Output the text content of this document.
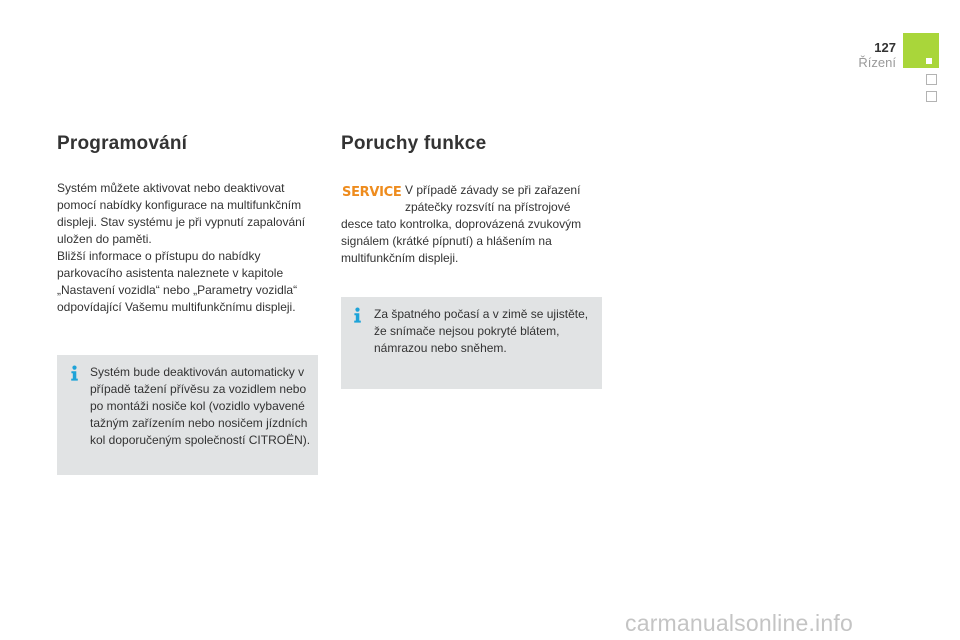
127
Řízení
Programování

Systém můžete aktivovat nebo deaktivovat pomocí nabídky konfigurace na multifunkčním displeji. Stav systému je při vypnutí zapalování uložen do paměti.

Bližší informace o přístupu do nabídky parkovacího asistenta naleznete v kapitole „Nastavení vozidla“ nebo „Parametry vozidla“ odpovídající Vašemu multifunkčnímu displeji.

Systém bude deaktivován automaticky v případě tažení přívěsu za vozidlem nebo po montáži nosiče kol (vozidlo vybavené tažným zařízením nebo nosičem jízdních kol doporučeným společností CITROËN).
Poruchy funkce
SERVICE V případě závady se při zařazení zpátečky rozsvítí na přístrojové
desce tato kontrolka, doprovázená zvukovým signálem (krátké pípnutí) a hlášením na multifunkčním displeji.
Za špatného počasí a v zimě se ujistěte, že snímače nejsou pokryté blátem, námrazou nebo sněhem.
carmanualsonline.info
